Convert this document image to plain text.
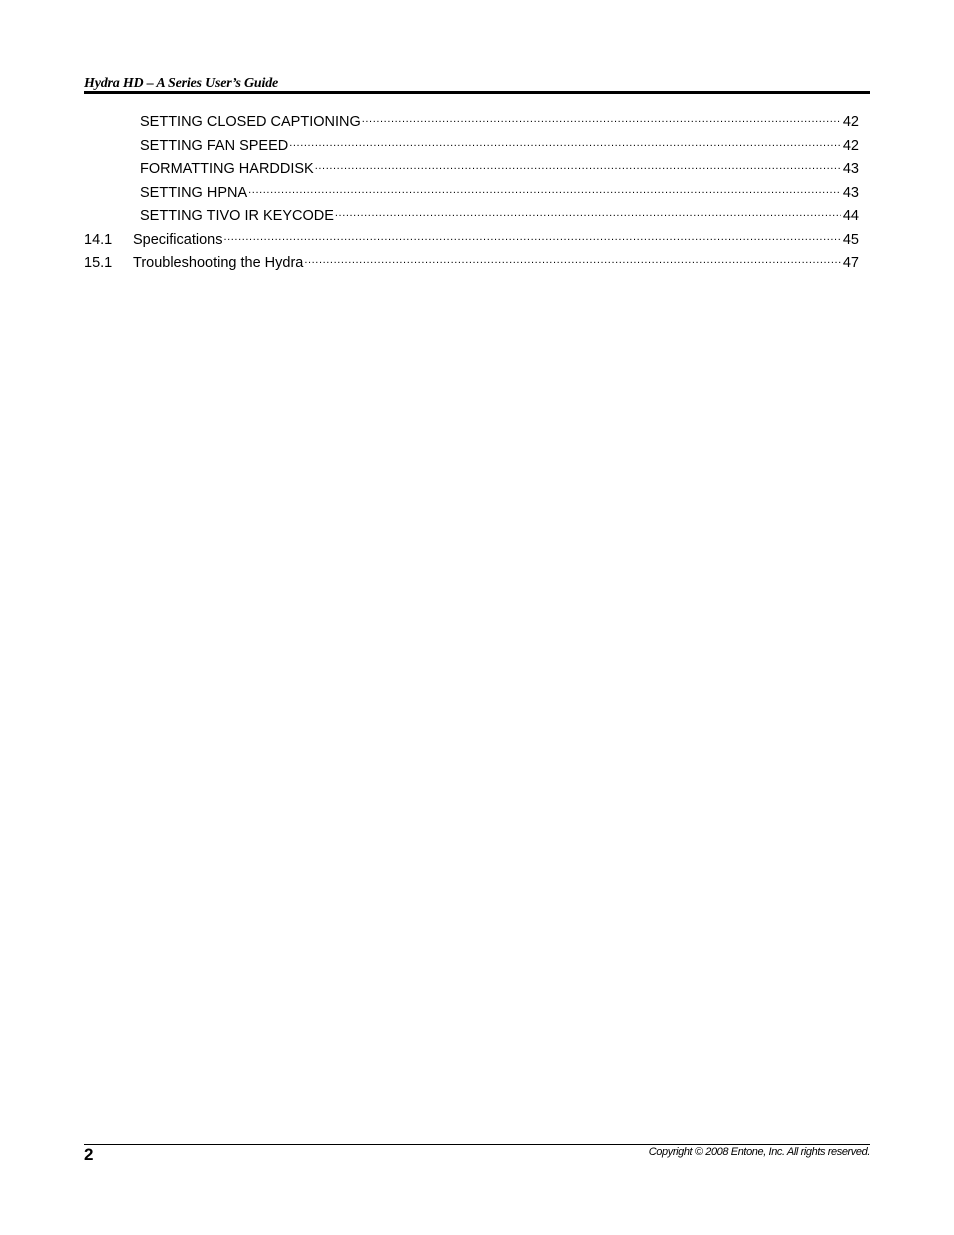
Hydra HD – A Series User’s Guide
SETTING CLOSED CAPTIONING .....	42
SETTING FAN SPEED .....	42
FORMATTING HARDDISK .....	43
SETTING HPNA .....	43
SETTING TIVO IR KEYCODE .....	44
14.1	Specifications .....	45
15.1	Troubleshooting the Hydra .....	47
2	Copyright © 2008 Entone, Inc. All rights reserved.
